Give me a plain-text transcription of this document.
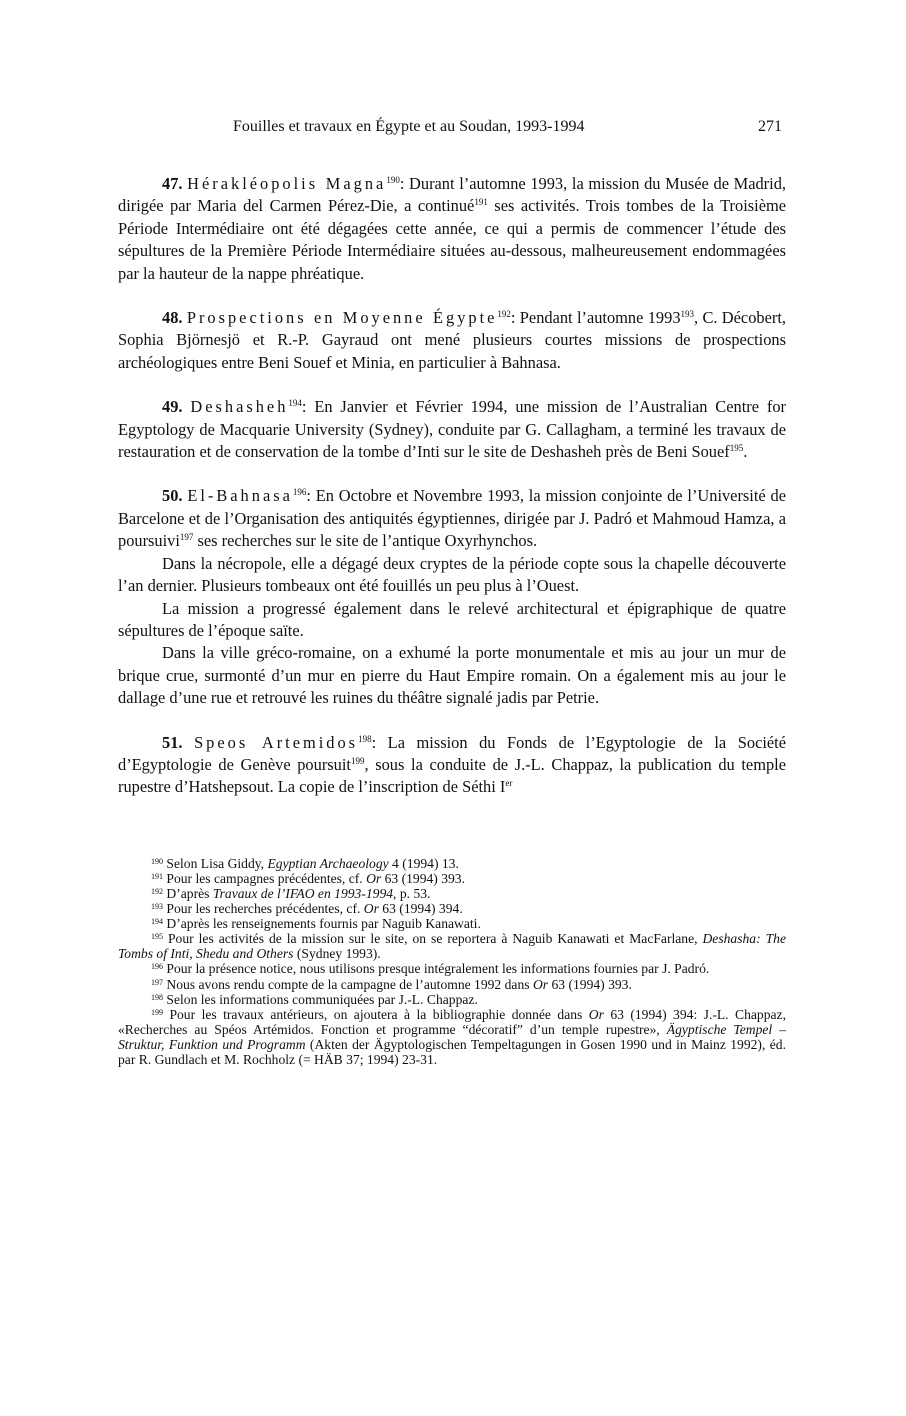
Fouilles et travaux en Égypte et au Soudan, 1993-1994	271

47. Hérakléopolis Magna$^{190}$: Durant l’automne 1993, la mission du Musée de Madrid, dirigée par Maria del Carmen Pérez-Die, a continué$^{191}$ ses activités. Trois tombes de la Troisième Période Intermédiaire ont été dégagées cette année, ce qui a permis de commencer l’étude des sépultures de la Première Période Intermédiaire situées au-dessous, malheureusement endommagées par la hauteur de la nappe phréatique.

48. Prospections en Moyenne Égypte$^{192}$: Pendant l’automne 1993$^{193}$, C. Décobert, Sophia Björnesjö et R.-P. Gayraud ont mené plusieurs courtes missions de prospections archéologiques entre Beni Souef et Minia, en particulier à Bahnasa.

49. Deshasheh$^{194}$: En Janvier et Février 1994, une mission de l’Australian Centre for Egyptology de Macquarie University (Sydney), conduite par G. Callagham, a terminé les travaux de restauration et de conservation de la tombe d’Inti sur le site de Deshasheh près de Beni Souef$^{195}$.

50. El-Bahnasa$^{196}$: En Octobre et Novembre 1993, la mission conjointe de l’Université de Barcelone et de l’Organisation des antiquités égyptiennes, dirigée par J. Padró et Mahmoud Hamza, a poursuivi$^{197}$ ses recherches sur le site de l’antique Oxyrhynchos.

Dans la nécropole, elle a dégagé deux cryptes de la période copte sous la chapelle découverte l’an dernier. Plusieurs tombeaux ont été fouillés un peu plus à l’Ouest.

La mission a progressé également dans le relevé architectural et épigraphique de quatre sépultures de l’époque saïte.

Dans la ville gréco-romaine, on a exhumé la porte monumentale et mis au jour un mur de brique crue, surmonté d’un mur en pierre du Haut Empire romain. On a également mis au jour le dallage d’une rue et retrouvé les ruines du théâtre signalé jadis par Petrie.

51. Speos Artemidos$^{198}$: La mission du Fonds de l’Egyptologie de la Société d’Egyptologie de Genève poursuit$^{199}$, sous la conduite de J.-L. Chappaz, la publication du temple rupestre d’Hatshepsout. La copie de l’inscription de Séthi Ier

$^{190}$ Selon Lisa Giddy, Egyptian Archaeology 4 (1994) 13.

$^{191}$ Pour les campagnes précédentes, cf. Or 63 (1994) 393.

$^{192}$ D’après Travaux de l’IFAO en 1993-1994, p. 53.

$^{193}$ Pour les recherches précédentes, cf. Or 63 (1994) 394.

$^{194}$ D’après les renseignements fournis par Naguib Kanawati.

$^{195}$ Pour les activités de la mission sur le site, on se reportera à Naguib Kanawati et MacFarlane, Deshasha: The Tombs of Inti, Shedu and Others (Sydney 1993).

$^{196}$ Pour la présence notice, nous utilisons presque intégralement les informations fournies par J. Padró.

$^{197}$ Nous avons rendu compte de la campagne de l’automne 1992 dans Or 63 (1994) 393.

$^{198}$ Selon les informations communiquées par J.-L. Chappaz.

$^{199}$ Pour les travaux antérieurs, on ajoutera à la bibliographie donnée dans Or 63 (1994) 394: J.-L. Chappaz, «Recherches au Spéos Artémidos. Fonction et programme “décoratif” d’un temple rupestre», Ägyptische Tempel – Struktur, Funktion und Programm (Akten der Ägyptologischen Tempeltagungen in Gosen 1990 und in Mainz 1992), éd. par R. Gundlach et M. Rochholz (= HÄB 37; 1994) 23-31.
